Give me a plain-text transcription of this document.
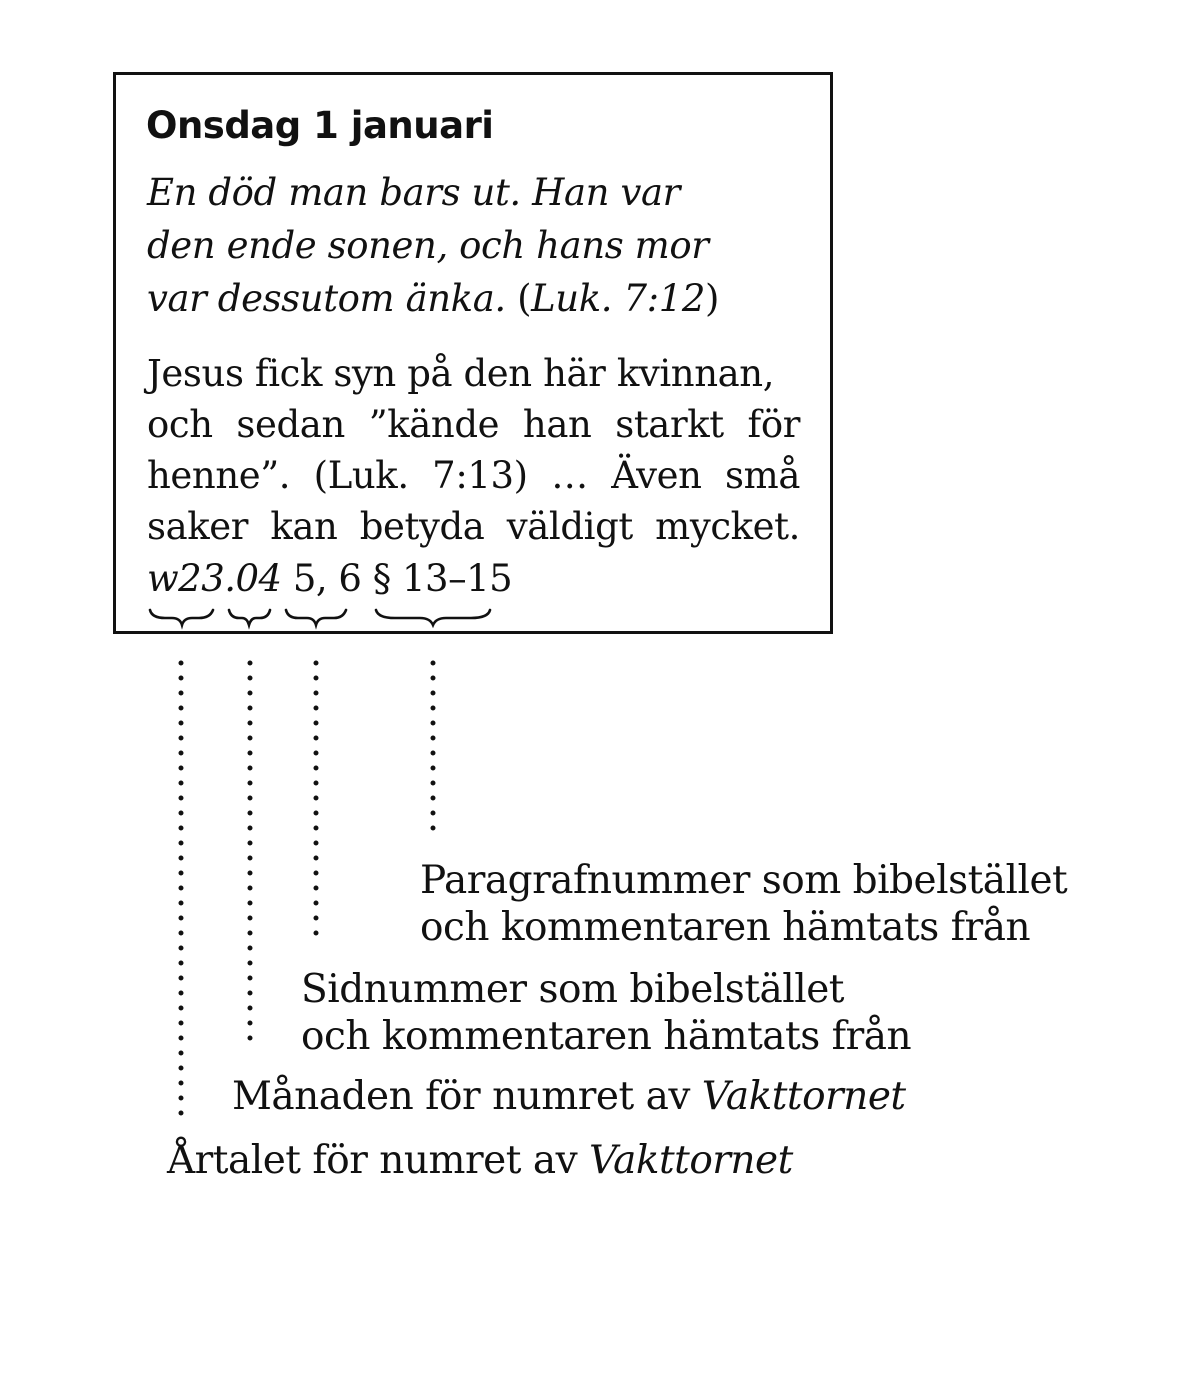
Onsdag 1 januari
En död man bars ut. Han var
den ende sonen, och hans mor
var dessutom änka. (Luk. 7:12)
Jesus fick syn på den här kvinnan,
och sedan ”kände han starkt för
henne”. (Luk. 7:13) … Även små
saker kan betyda väldigt mycket.
w23.04 5, 6 § 13–15
Paragrafnummer som bibelstället
och kommentaren hämtats från
Sidnummer som bibelstället
och kommentaren hämtats från
Månaden för numret av Vakttornet
Årtalet för numret av Vakttornet
